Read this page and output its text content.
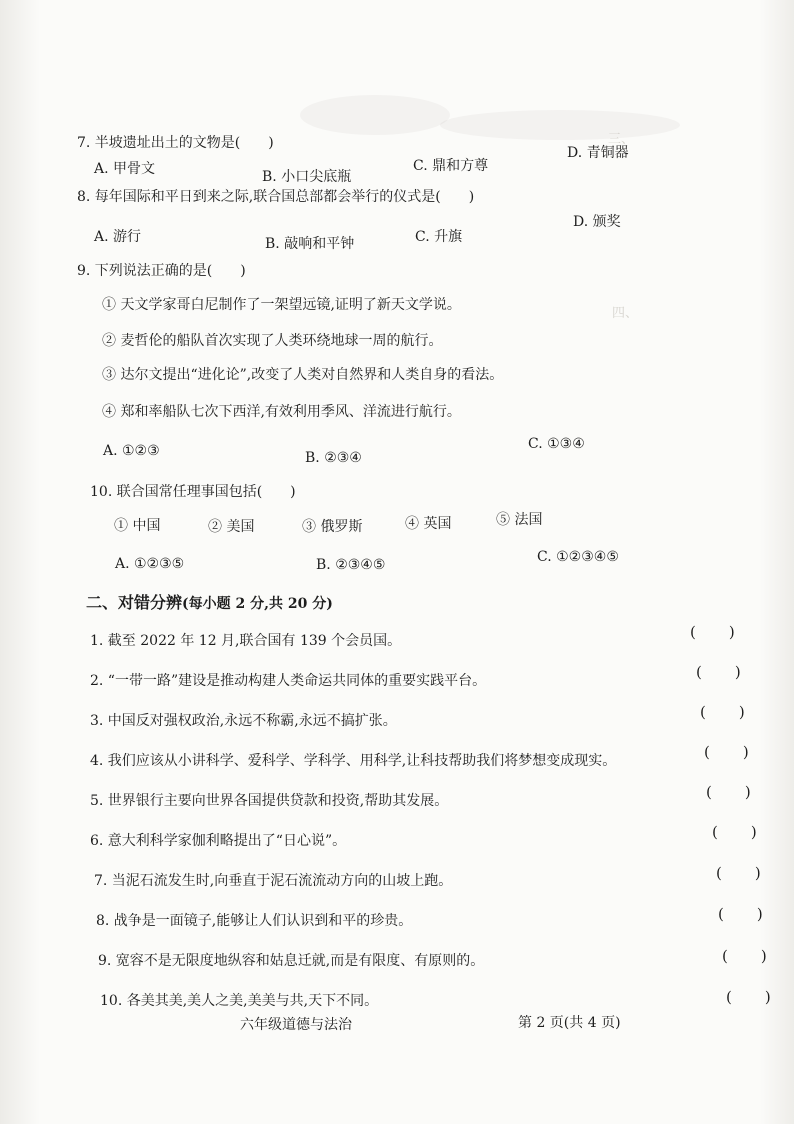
三、
四、
7. 半坡遗址出土的文物是(　　)
A. 甲骨文	B. 小口尖底瓶
C. 鼎和方尊
D. 青铜器
8. 每年国际和平日到来之际,联合国总部都会举行的仪式是(　　)
A. 游行	B. 敲响和平钟	C. 升旗
D. 颁奖
9. 下列说法正确的是(　　)
① 天文学家哥白尼制作了一架望远镜,证明了新天文学说。
② 麦哲伦的船队首次实现了人类环绕地球一周的航行。
③ 达尔文提出“进化论”,改变了人类对自然界和人类自身的看法。
④ 郑和率船队七次下西洋,有效利用季风、洋流进行航行。
A. ①②③	B. ②③④
C. ①③④
10. 联合国常任理事国包括(　　)
① 中国	② 美国	③ 俄罗斯	④ 英国	⑤ 法国
A. ①②③⑤	B. ②③④⑤	C. ①②③④⑤
二、对错分辨(每小题 2 分,共 20 分)
1. 截至 2022 年 12 月,联合国有 139 个会员国。	(　　)
2. “一带一路”建设是推动构建人类命运共同体的重要实践平台。	(　　)
3. 中国反对强权政治,永远不称霸,永远不搞扩张。	(　　)
4. 我们应该从小讲科学、爱科学、学科学、用科学,让科技帮助我们将梦想变成现实。	(　　)
5. 世界银行主要向世界各国提供贷款和投资,帮助其发展。	(　　)
6. 意大利科学家伽利略提出了“日心说”。	(　　)
7. 当泥石流发生时,向垂直于泥石流流动方向的山坡上跑。	(　　)
8. 战争是一面镜子,能够让人们认识到和平的珍贵。	(　　)
9. 宽容不是无限度地纵容和姑息迁就,而是有限度、有原则的。	(　　)
10. 各美其美,美人之美,美美与共,天下不同。	(　　)
六年级道德与法治	第 2 页(共 4 页)
